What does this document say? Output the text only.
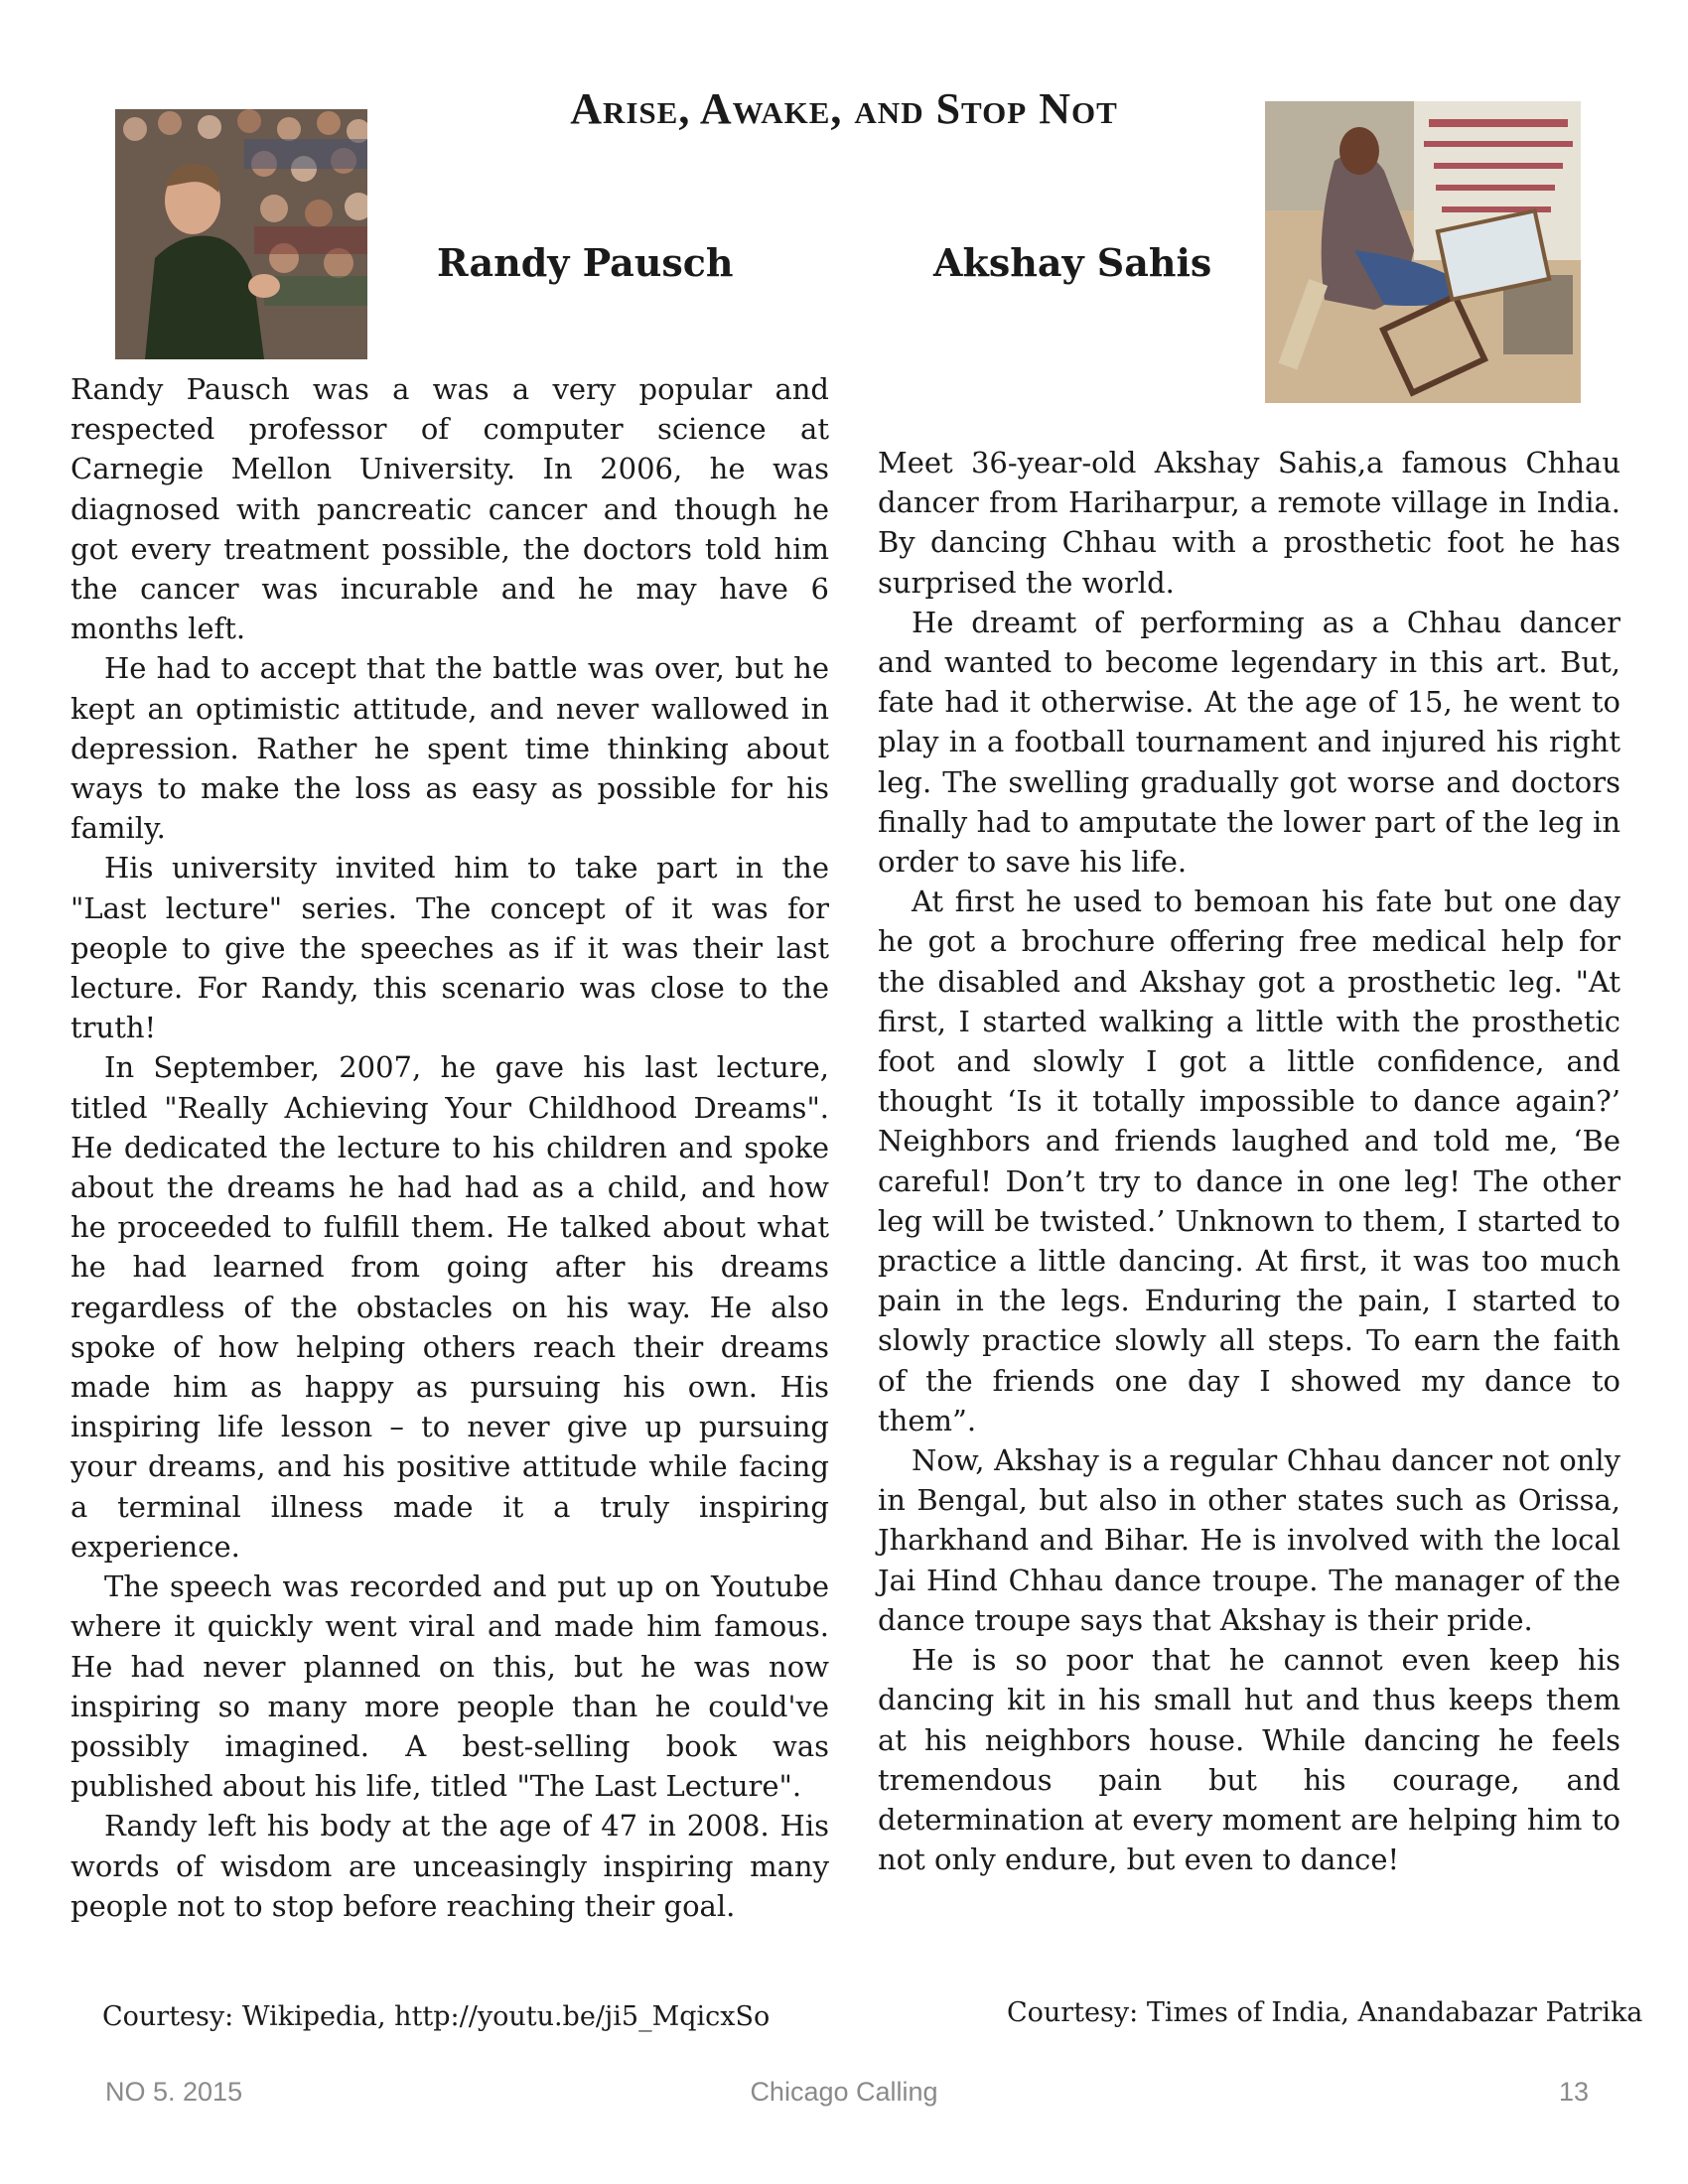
Arise, Awake, and Stop Not
Randy Pausch	Akshay Sahis

Randy Pausch was a was a very popular and respected professor of computer science at Carnegie Mellon University. In 2006, he was diagnosed with pancreatic cancer and though he got every treatment possible, the doctors told him the cancer was incurable and he may have 6 months left.

He had to accept that the battle was over, but he kept an optimistic attitude, and never wallowed in depression. Rather he spent time thinking about ways to make the loss as easy as possible for his family.

His university invited him to take part in the "Last lecture" series. The concept of it was for people to give the speeches as if it was their last lecture. For Randy, this scenario was close to the truth!

In September, 2007, he gave his last lecture, titled "Really Achieving Your Childhood Dreams". He dedicated the lecture to his children and spoke about the dreams he had had as a child, and how he proceeded to fulfill them. He talked about what he had learned from going after his dreams regardless of the obstacles on his way. He also spoke of how helping others reach their dreams made him as happy as pursuing his own. His inspiring life lesson – to never give up pursuing your dreams, and his positive attitude while facing a terminal illness made it a truly inspiring experience.

The speech was recorded and put up on Youtube where it quickly went viral and made him famous. He had never planned on this, but he was now inspiring so many more people than he could've possibly imagined. A best-selling book was published about his life, titled "The Last Lecture".

Randy left his body at the age of 47 in 2008. His words of wisdom are unceasingly inspiring many people not to stop before reaching their goal.

Meet 36-year-old Akshay Sahis,a famous Chhau dancer from Hariharpur, a remote village in India. By dancing Chhau with a prosthetic foot he has surprised the world.

He dreamt of performing as a Chhau dancer and wanted to become legendary in this art. But, fate had it otherwise. At the age of 15, he went to play in a football tournament and injured his right leg. The swelling gradually got worse and doctors finally had to amputate the lower part of the leg in order to save his life.

At first he used to bemoan his fate but one day he got a brochure offering free medical help for the disabled and Akshay got a prosthetic leg. "At first, I started walking a little with the prosthetic foot and slowly I got a little confidence, and thought ‘Is it totally impossible to dance again?’ Neighbors and friends laughed and told me, ‘Be careful! Don’t try to dance in one leg! The other leg will be twisted.’ Unknown to them, I started to practice a little dancing. At first, it was too much pain in the legs. Enduring the pain, I started to slowly practice slowly all steps. To earn the faith of the friends one day I showed my dance to them”.

Now, Akshay is a regular Chhau dancer not only in Bengal, but also in other states such as Orissa, Jharkhand and Bihar. He is involved with the local Jai Hind Chhau dance troupe. The manager of the dance troupe says that Akshay is their pride.

He is so poor that he cannot even keep his dancing kit in his small hut and thus keeps them at his neighbors house. While dancing he feels tremendous pain but his courage, and determination at every moment are helping him to not only endure, but even to dance!

Courtesy: Wikipedia, http://youtu.be/ji5_MqicxSo	Courtesy: Times of India, Anandabazar Patrika

NO 5. 2015	Chicago Calling	13
